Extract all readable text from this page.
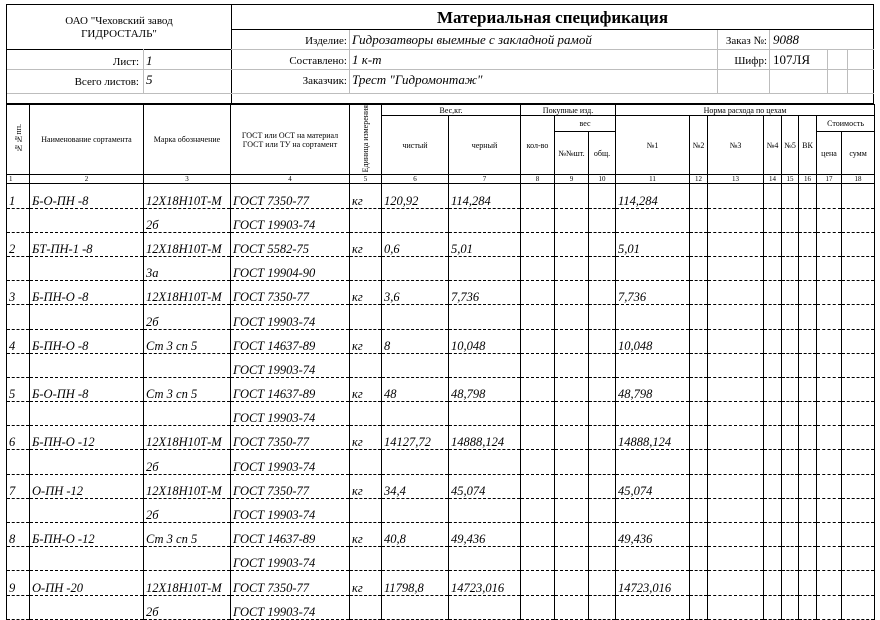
ОАО "Чеховский завод
ГИДРОСТАЛЬ"
Лист: 1
Всего листов: 5
Материальная спецификация
Изделие: Гидрозатворы выемные с закладной рамой
Составлено: 1 к-т
Заказчик: Трест "Гидромонтаж"
Заказ №: 9088
Шифр: 107ЛЯ
№№пп.	Наименование сортамента	Марка обозначение	ГОСТ или ОСТ на материал ГОСТ или ТУ на сортамент	Единица измерения	Вес,кг.		Покупные изд.			Норма расхода по цехам							
					чистый	черный	кол-во	вес		№1	№2	№3	№4	№5	ВК	Стоимость	
								№№шт.	общ.							цена	сумм
1	2	3	4	5	6	7	8	9	10	11	12	13	14	15	16	17	18
1	Б-О-ПН -8	12Х18Н10Т-М	ГОСТ 7350-77	кг	120,92	114,284				114,284							
		2б	ГОСТ 19903-74														
2	БТ-ПН-1 -8	12Х18Н10Т-М	ГОСТ 5582-75	кг	0,6	5,01				5,01							
		3а	ГОСТ 19904-90														
3	Б-ПН-О -8	12Х18Н10Т-М	ГОСТ 7350-77	кг	3,6	7,736				7,736							
		2б	ГОСТ 19903-74														
4	Б-ПН-О -8	Ст 3 сп 5	ГОСТ 14637-89	кг	8	10,048				10,048							
			ГОСТ 19903-74														
5	Б-О-ПН -8	Ст 3 сп 5	ГОСТ 14637-89	кг	48	48,798				48,798							
			ГОСТ 19903-74														
6	Б-ПН-О -12	12Х18Н10Т-М	ГОСТ 7350-77	кг	14127,72	14888,124				14888,124							
		2б	ГОСТ 19903-74														
7	О-ПН -12	12Х18Н10Т-М	ГОСТ 7350-77	кг	34,4	45,074				45,074							
		2б	ГОСТ 19903-74														
8	Б-ПН-О -12	Ст 3 сп 5	ГОСТ 14637-89	кг	40,8	49,436				49,436							
			ГОСТ 19903-74														
9	О-ПН -20	12Х18Н10Т-М	ГОСТ 7350-77	кг	11798,8	14723,016				14723,016							
		2б	ГОСТ 19903-74														
